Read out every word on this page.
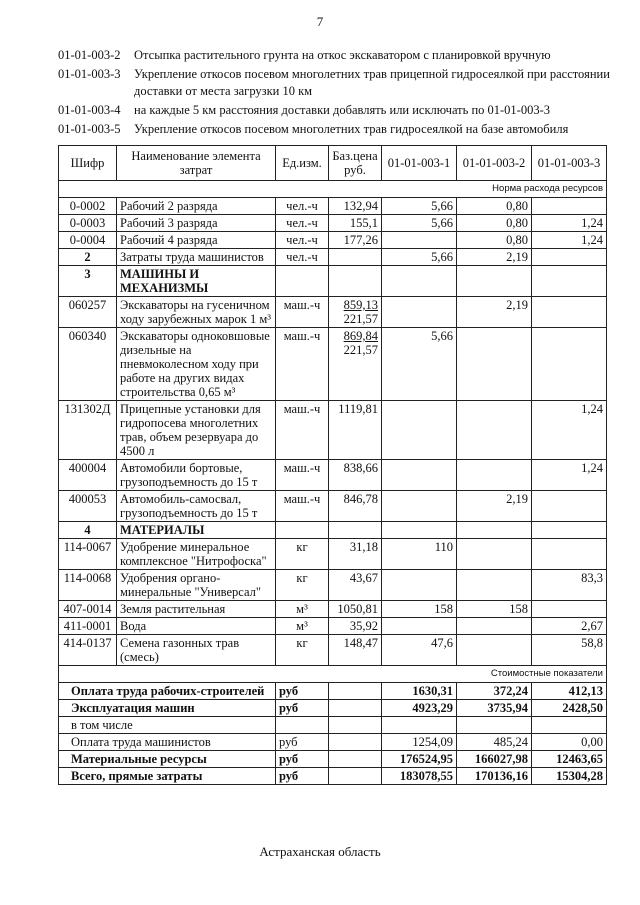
7
01-01-003-2	Отсыпка растительного грунта на откос экскаватором с планировкой вручную
01-01-003-3	Укрепление откосов посевом многолетних трав прицепной гидросеялкой при расстоянии доставки от места загрузки 10 км
01-01-003-4	на каждые 5 км расстояния доставки добавлять или исключать по 01-01-003-3
01-01-003-5	Укрепление откосов посевом многолетних трав гидросеялкой на базе автомобиля
Шифр	Наименование элемента затрат	Ед.изм.	Баз.цена руб.	01-01-003-1	01-01-003-2	01-01-003-3
Норма расхода ресурсов						
0-0002	Рабочий 2 разряда	чел.-ч	132,94	5,66	0,80	
0-0003	Рабочий 3 разряда	чел.-ч	155,1	5,66	0,80	1,24
0-0004	Рабочий 4 разряда	чел.-ч	177,26		0,80	1,24
2	Затраты труда машинистов	чел.-ч		5,66	2,19	
3	МАШИНЫ И МЕХАНИЗМЫ					
060257	Экскаваторы на гусеничном ходу зарубежных марок 1 м³	маш.-ч	859,13
221,57		2,19	
060340	Экскаваторы одноковшовые дизельные на пневмоколесном ходу при работе на других видах строительства 0,65 м³	маш.-ч	869,84
221,57	5,66		
131302Д	Прицепные установки для гидропосева многолетних трав, объем резервуара до 4500 л	маш.-ч	1119,81			1,24
400004	Автомобили бортовые, грузоподъемность до 15 т	маш.-ч	838,66			1,24
400053	Автомобиль-самосвал, грузоподъемность до 15 т	маш.-ч	846,78		2,19	
4	МАТЕРИАЛЫ					
114-0067	Удобрение минеральное комплексное "Нитрофоска"	кг	31,18	110		
114-0068	Удобрения органо-минеральные "Универсал"	кг	43,67			83,3
407-0014	Земля растительная	м³	1050,81	158	158	
411-0001	Вода	м³	35,92			2,67
414-0137	Семена газонных трав (смесь)	кг	148,47	47,6		58,8
Стоимостные показатели						
Оплата труда рабочих-строителей		руб		1630,31	372,24	412,13
Эксплуатация машин		руб		4923,29	3735,94	2428,50
в том числе						
Оплата труда машинистов		руб		1254,09	485,24	0,00
Материальные ресурсы		руб		176524,95	166027,98	12463,65
Всего, прямые затраты		руб		183078,55	170136,16	15304,28
Астраханская область
